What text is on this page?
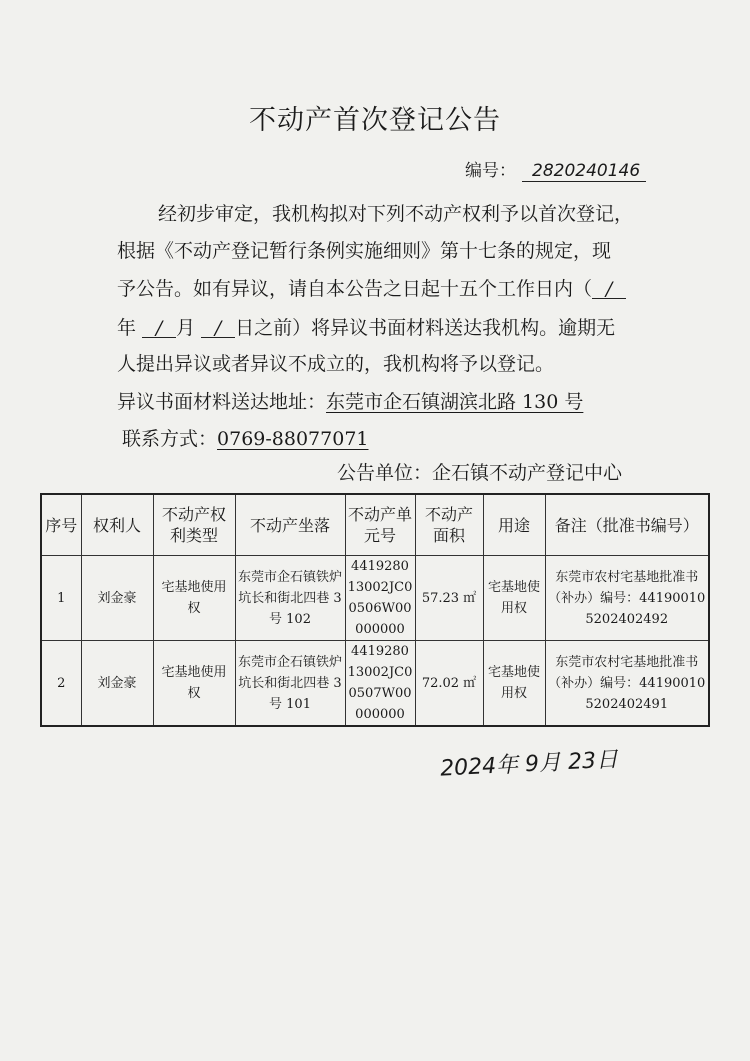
不动产首次登记公告
编号： 2820240146
经初步审定，我机构拟对下列不动产权利予以首次登记，
根据《不动产登记暂行条例实施细则》第十七条的规定，现
予公告。如有异议，请自本公告之日起十五个工作日内（ /
年 / 月 / 日之前）将异议书面材料送达我机构。逾期无
人提出异议或者异议不成立的，我机构将予以登记。
异议书面材料送达地址：东莞市企石镇湖滨北路 130 号
联系方式：0769-88077071
公告单位：企石镇不动产登记中心
序号	权利人	不动产权利类型	不动产坐落	不动产单元号	不动产面积	用途	备注（批准书编号）
1	刘金豪	宅基地使用权	东莞市企石镇铁炉坑长和街北四巷 3 号 102	441928013002JC00506W00000000	57.23 ㎡	宅基地使用权	东莞市农村宅基地批准书（补办）编号：441900105202402492
2	刘金豪	宅基地使用权	东莞市企石镇铁炉坑长和街北四巷 3 号 101	441928013002JC00507W00000000	72.02 ㎡	宅基地使用权	东莞市农村宅基地批准书（补办）编号：441900105202402491
2024年 9月 23日
